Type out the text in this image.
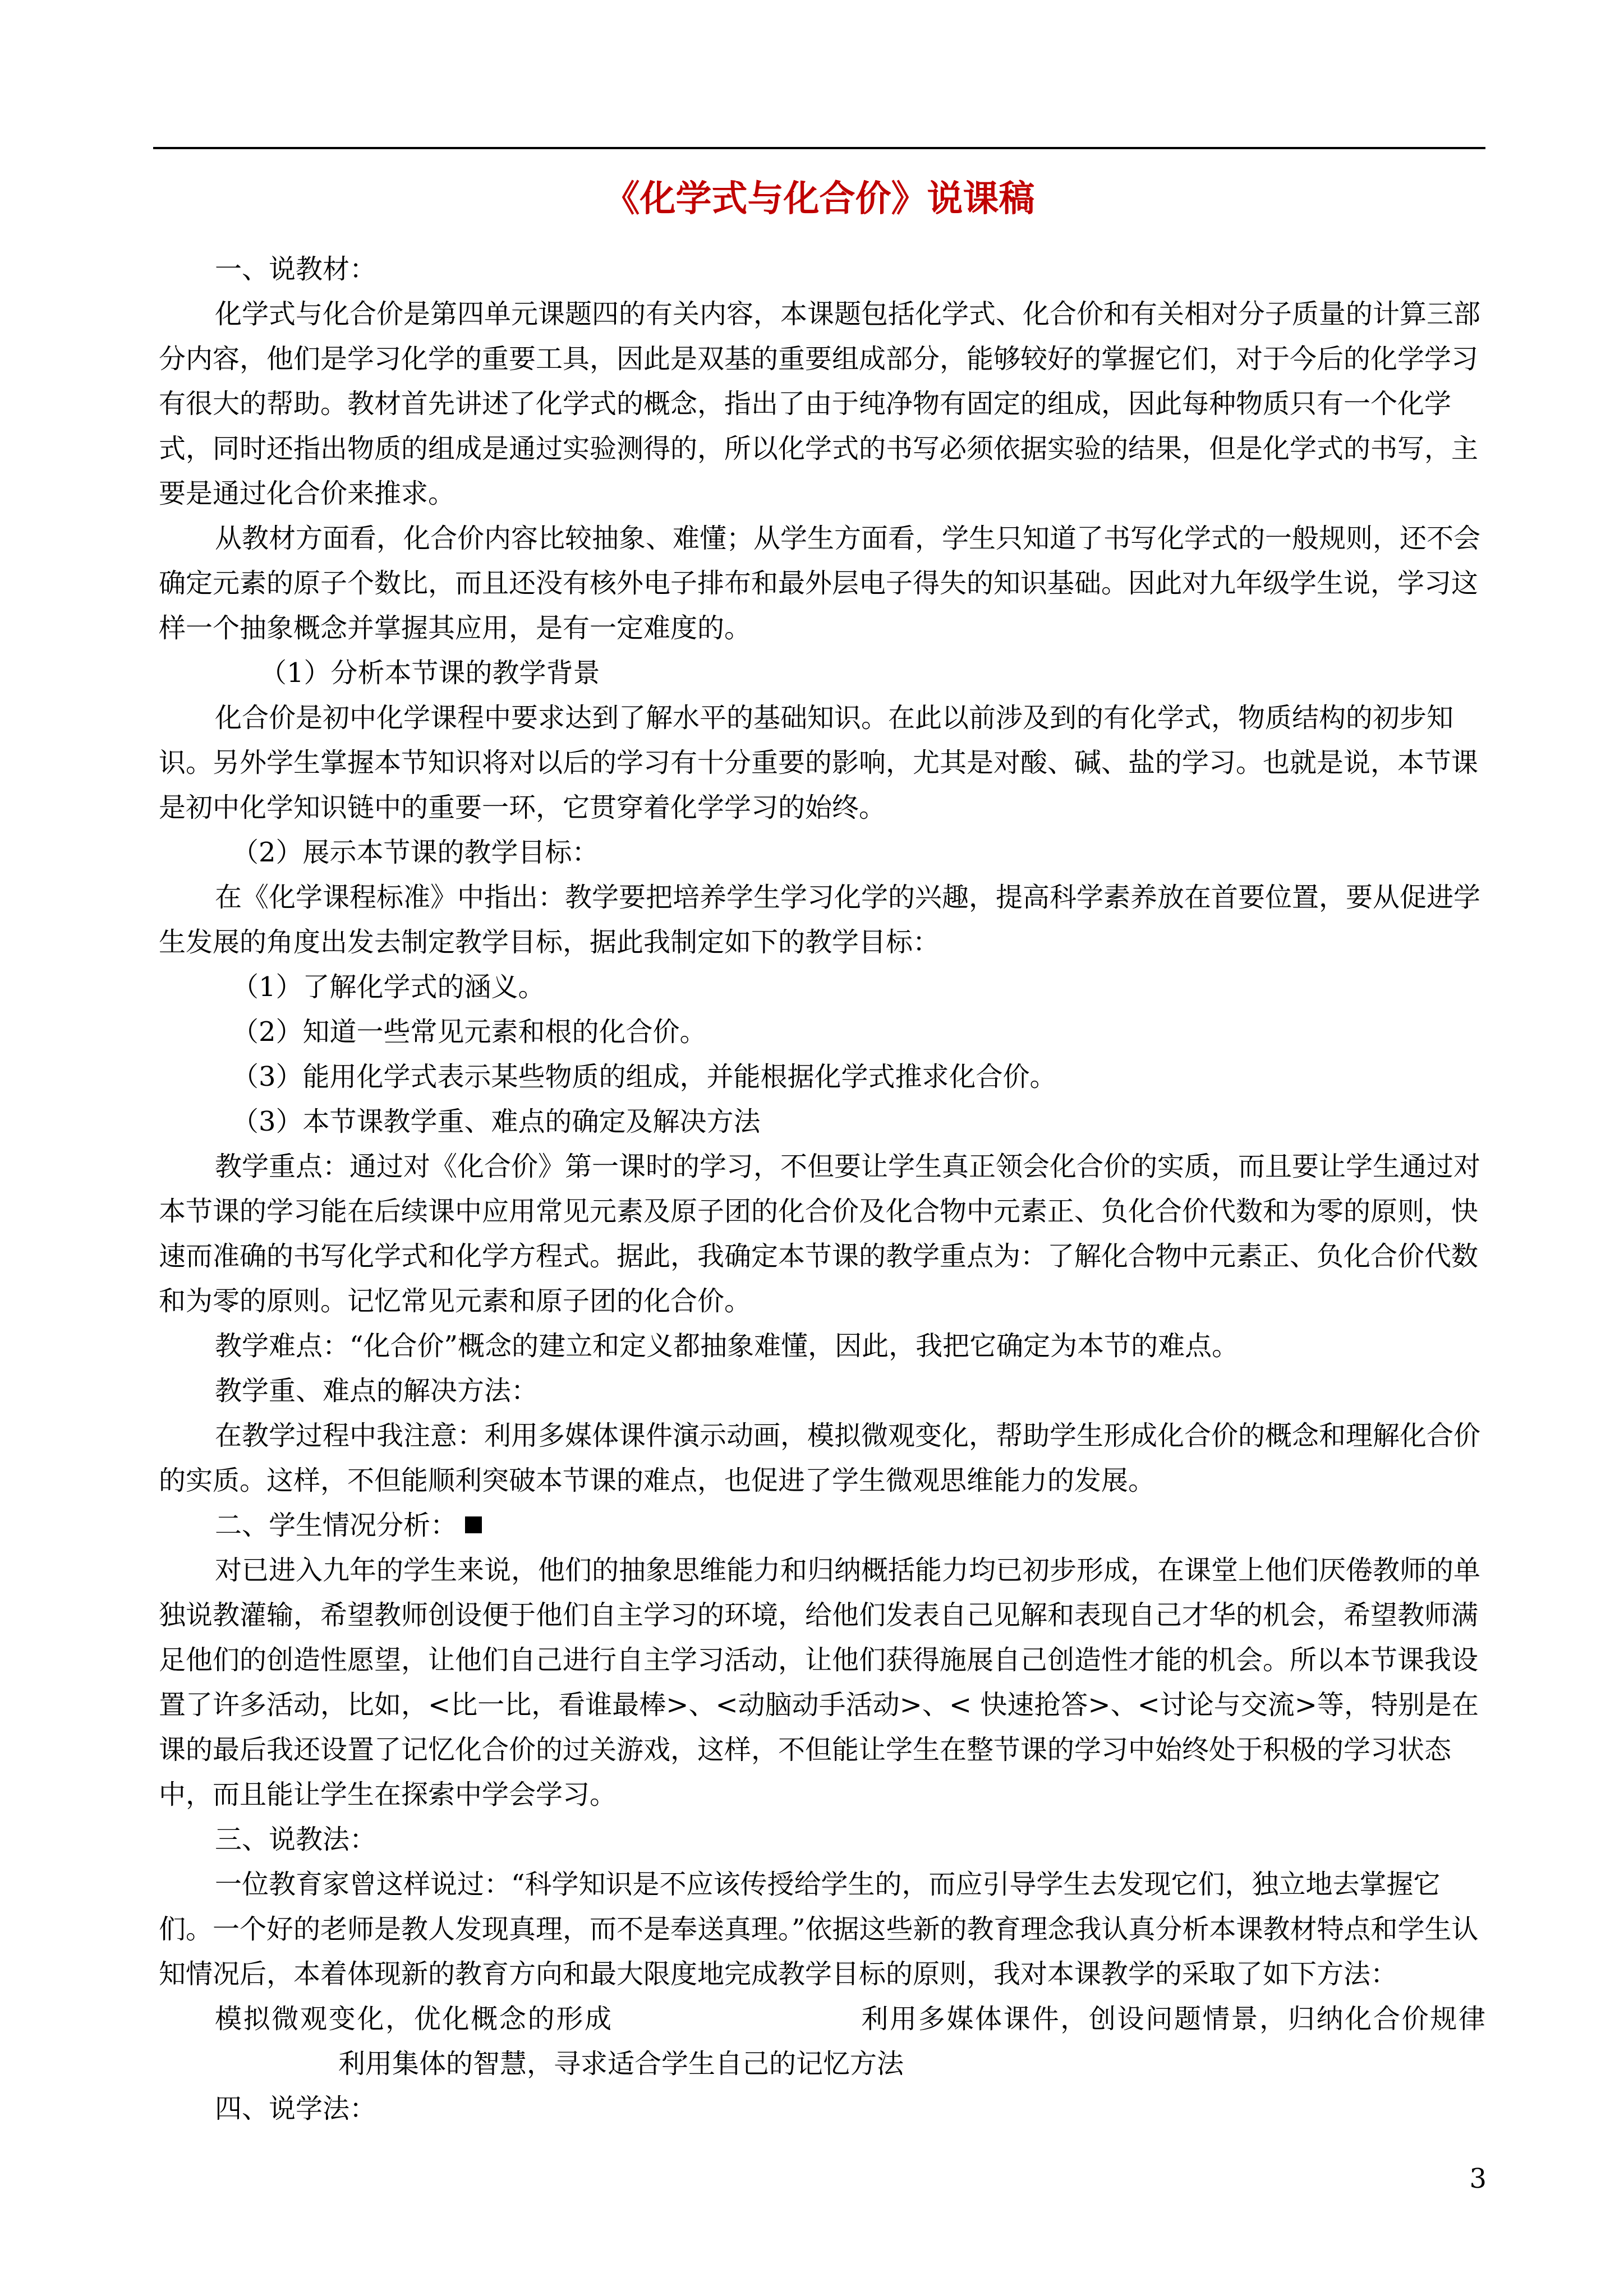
《化学式与化合价》说课稿

一、说教材：

化学式与化合价是第四单元课题四的有关内容，本课题包括化学式、化合价和有关相对分子质量的计算三部分内容，他们是学习化学的重要工具，因此是双基的重要组成部分，能够较好的掌握它们，对于今后的化学学习有很大的帮助。教材首先讲述了化学式的概念，指出了由于纯净物有固定的组成，因此每种物质只有一个化学式，同时还指出物质的组成是通过实验测得的，所以化学式的书写必须依据实验的结果，但是化学式的书写，主要是通过化合价来推求。

从教材方面看，化合价内容比较抽象、难懂；从学生方面看，学生只知道了书写化学式的一般规则，还不会确定元素的原子个数比，而且还没有核外电子排布和最外层电子得失的知识基础。因此对九年级学生说，学习这样一个抽象概念并掌握其应用，是有一定难度的。

（1）分析本节课的教学背景

化合价是初中化学课程中要求达到了解水平的基础知识。在此以前涉及到的有化学式，物质结构的初步知识。另外学生掌握本节知识将对以后的学习有十分重要的影响，尤其是对酸、碱、盐的学习。也就是说，本节课是初中化学知识链中的重要一环，它贯穿着化学学习的始终。

（2）展示本节课的教学目标：

在《化学课程标准》中指出：教学要把培养学生学习化学的兴趣，提高科学素养放在首要位置，要从促进学生发展的角度出发去制定教学目标，据此我制定如下的教学目标：

（1）了解化学式的涵义。

（2）知道一些常见元素和根的化合价。

（3）能用化学式表示某些物质的组成，并能根据化学式推求化合价。

（3）本节课教学重、难点的确定及解决方法

教学重点：通过对《化合价》第一课时的学习，不但要让学生真正领会化合价的实质，而且要让学生通过对本节课的学习能在后续课中应用常见元素及原子团的化合价及化合物中元素正、负化合价代数和为零的原则，快速而准确的书写化学式和化学方程式。据此，我确定本节课的教学重点为：了解化合物中元素正、负化合价代数和为零的原则。记忆常见元素和原子团的化合价。

教学难点：“化合价”概念的建立和定义都抽象难懂，因此，我把它确定为本节的难点。

教学重、难点的解决方法：

在教学过程中我注意：利用多媒体课件演示动画，模拟微观变化，帮助学生形成化合价的概念和理解化合价的实质。这样，不但能顺利突破本节课的难点，也促进了学生微观思维能力的发展。

二、学生情况分析：

对已进入九年的学生来说，他们的抽象思维能力和归纳概括能力均已初步形成，在课堂上他们厌倦教师的单独说教灌输，希望教师创设便于他们自主学习的环境，给他们发表自己见解和表现自己才华的机会，希望教师满足他们的创造性愿望，让他们自己进行自主学习活动，让他们获得施展自己创造性才能的机会。所以本节课我设置了许多活动，比如，<比一比，看谁最棒>、<动脑动手活动>、< 快速抢答>、<讨论与交流>等，特别是在课的最后我还设置了记忆化合价的过关游戏，这样，不但能让学生在整节课的学习中始终处于积极的学习状态中，而且能让学生在探索中学会学习。

三、说教法：

一位教育家曾这样说过：“科学知识是不应该传授给学生的，而应引导学生去发现它们，独立地去掌握它们。一个好的老师是教人发现真理，而不是奉送真理。”依据这些新的教育理念我认真分析本课教材特点和学生认知情况后，本着体现新的教育方向和最大限度地完成教学目标的原则，我对本课教学的采取了如下方法：

模拟微观变化，优化概念的形成	利用多媒体课件，创设问题情景，归纳化合价规律利用集体的智慧，寻求适合学生自己的记忆方法

四、说学法：

3
